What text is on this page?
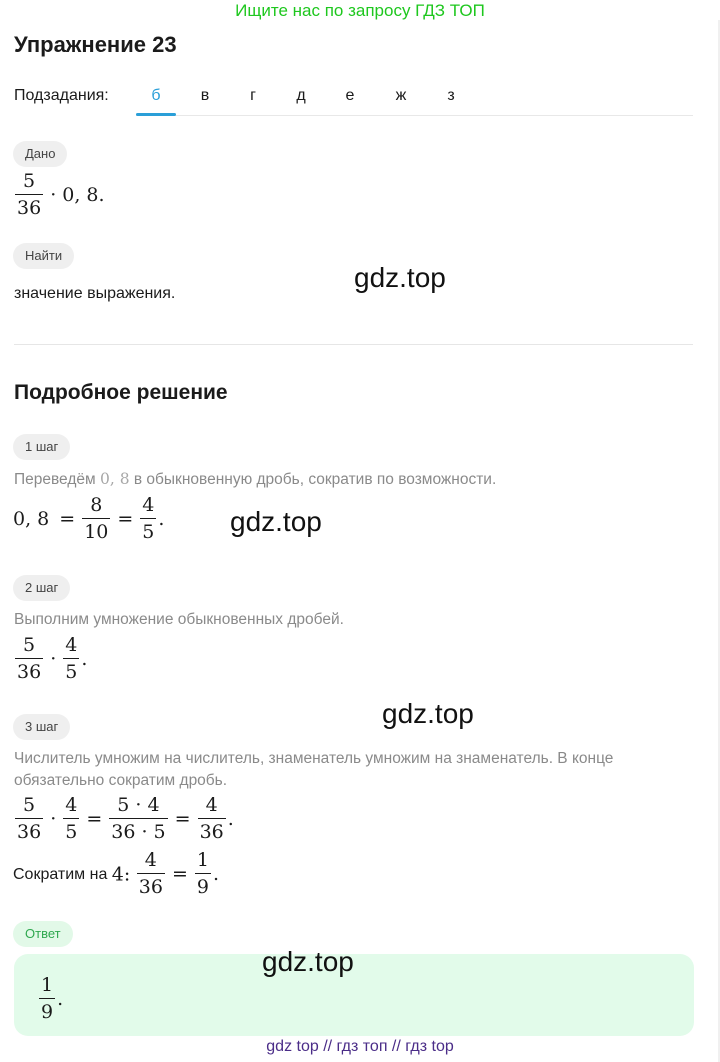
Ищите нас по запросу ГДЗ ТОП
Упражнение 23
Подзадания:	б	в	г	д	е	ж	з
Дано
$\frac{5}{36} \cdot 0$, 8.
Найти
значение выражения.
gdz.top
Подробное решение
1 шаг
Переведём 0, 8 в обыкновенную дробь, сократив по возможности.
0, $8 = \frac{8}{10} = \frac{4}{5}$ . gdz.top
2 шаг
Выполним умножение обыкновенных дробей.
$\frac{5}{36} \cdot \frac{4}{5}$ .
gdz.top
3 шаг
Числитель умножим на числитель, знаменатель умножим на знаменатель. В конце
обязательно сократим дробь.
$\frac{5}{36} \cdot \frac{4}{5} = \frac{5 \cdot 4}{36 \cdot 5} = \frac{4}{36}$ .
Сократим на 4: $\frac{4}{36} = \frac{1}{9}$ .
Ответ
$\frac{1}{9}$ .
gdz.top
gdz top // гдз топ // гдз top
